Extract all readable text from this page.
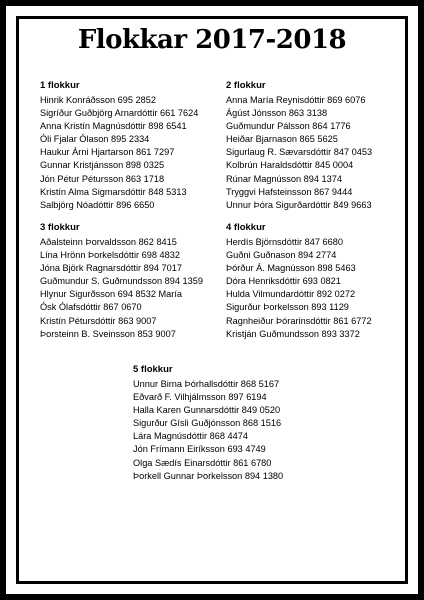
Flokkar 2017-2018
1 flokkur
Hinrik Konráðsson 695 2852
Sigríður Guðbjörg Arnardóttir 661 7624
Anna Kristín Magnúsdóttir 898 6541
Óli Fjalar Ólason 895 2334
Haukur Árni Hjartarson 861 7297
Gunnar Kristjánsson 898 0325
Jón Pétur Pétursson 863 1718
Kristín Alma Sigmarsdóttir 848 5313
Salbjörg Nóadóttir 896 6650
2 flokkur
Anna María Reynisdóttir 869 6076
Ágúst Jónsson 863 3138
Guðmundur Pálsson 864 1776
Heiðar Bjarnason 865 5625
Sigurlaug R. Sævarsdóttir 847 0453
Kolbrún Haraldsdóttir 845 0004
Rúnar Magnússon 894 1374
Tryggvi Hafsteinsson 867 9444
Unnur Þóra Sigurðardóttir 849 9663
3 flokkur
Aðalsteinn Þorvaldsson 862 8415
Lína Hrönn Þorkelsdóttir 698 4832
Jóna Björk Ragnarsdóttir 894 7017
Guðmundur S. Guðmundsson 894 1359
Hlynur Sigurðsson 694 8532 María
Ósk Ólafsdóttir 867 0670
Kristín Pétursdóttir 863 9007
Þorsteinn B. Sveinsson 853 9007
4 flokkur
Herdís Björnsdóttir 847 6680
Guðni Guðnason 894 2774
Þórður Á. Magnússon 898 5463
Dóra Henriksdóttir 693 0821
Hulda Vilmundardóttir 892 0272
Sigurður Þorkelsson 893 1129
Ragnheiður Þórarinsdóttir 861 6772
Kristján Guðmundsson 893 3372
5 flokkur
Unnur Birna Þórhallsdóttir 868 5167
Eðvarð F. Vilhjálmsson 897 6194
Halla Karen Gunnarsdóttir 849 0520
Sigurður Gísli Guðjónsson 868 1516
Lára Magnúsdóttir 868 4474
Jón Frímann Eiríksson 693 4749
Olga Sædís Einarsdóttir 861 6780
Þorkell Gunnar Þorkelsson 894 1380
